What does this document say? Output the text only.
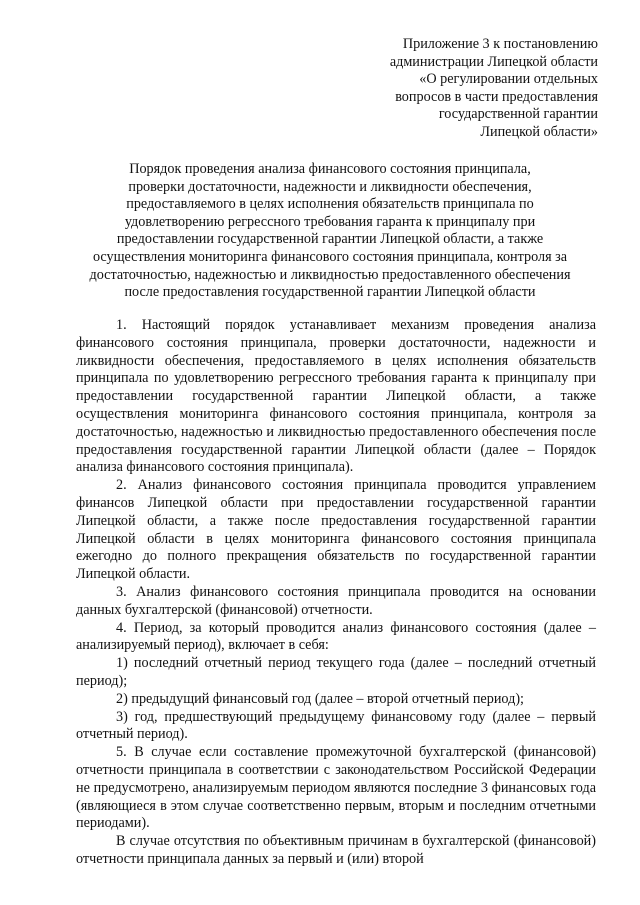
Приложение 3 к постановлению
администрации Липецкой области
«О регулировании отдельных
вопросов в части предоставления
государственной гарантии
Липецкой области»
Порядок проведения анализа финансового состояния принципала,
проверки достаточности, надежности и ликвидности обеспечения,
предоставляемого в целях исполнения обязательств принципала по
удовлетворению регрессного требования гаранта к принципалу при
предоставлении государственной гарантии Липецкой области, а также
осуществления мониторинга финансового состояния принципала, контроля за
достаточностью, надежностью и ликвидностью предоставленного обеспечения
после предоставления государственной гарантии Липецкой области

1. Настоящий порядок устанавливает механизм проведения анализа финансового состояния принципала, проверки достаточности, надежности и ликвидности обеспечения, предоставляемого в целях исполнения обязательств принципала по удовлетворению регрессного требования гаранта к принципалу при предоставлении государственной гарантии Липецкой области, а также осуществления мониторинга финансового состояния принципала, контроля за достаточностью, надежностью и ликвидностью предоставленного обеспечения после предоставления государственной гарантии Липецкой области (далее – Порядок анализа финансового состояния принципала).

2. Анализ финансового состояния принципала проводится управлением финансов Липецкой области при предоставлении государственной гарантии Липецкой области, а также после предоставления государственной гарантии Липецкой области в целях мониторинга финансового состояния принципала ежегодно до полного прекращения обязательств по государственной гарантии Липецкой области.

3. Анализ финансового состояния принципала проводится на основании данных бухгалтерской (финансовой) отчетности.

4. Период, за который проводится анализ финансового состояния (далее – анализируемый период), включает в себя:

1) последний отчетный период текущего года (далее – последний отчетный период);

2) предыдущий финансовый год (далее – второй отчетный период);

3) год, предшествующий предыдущему финансовому году (далее – первый отчетный период).

5. В случае если составление промежуточной бухгалтерской (финансовой) отчетности принципала в соответствии с законодательством Российской Федерации не предусмотрено, анализируемым периодом являются последние 3 финансовых года (являющиеся в этом случае соответственно первым, вторым и последним отчетными периодами).

В случае отсутствия по объективным причинам в бухгалтерской (финансовой) отчетности принципала данных за первый и (или) второй
